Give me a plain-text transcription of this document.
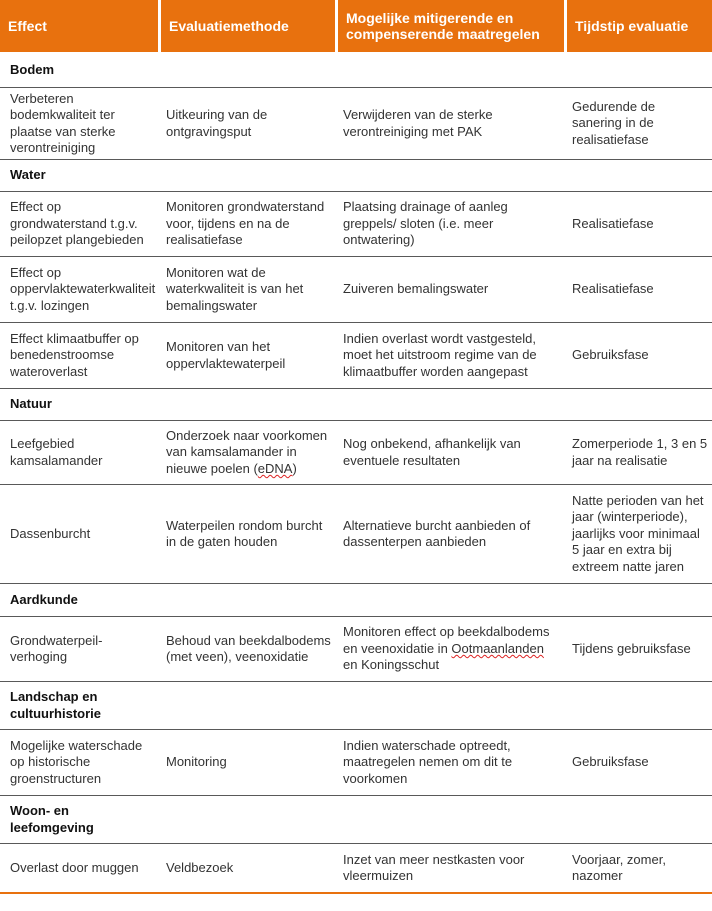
Effect	Evaluatiemethode	Mogelijke mitigerende en compenserende maatregelen	Tijdstip evaluatie
Bodem			
Verbeteren bodemkwaliteit ter plaatse van sterke verontreiniging	Uitkeuring van de ontgravingsput	Verwijderen van de sterke verontreiniging met PAK	Gedurende de sanering in de realisatiefase
Water			
Effect op grondwaterstand t.g.v. peilopzet plangebieden	Monitoren grondwaterstand voor, tijdens en na de realisatiefase	Plaatsing drainage of aanleg greppels/ sloten (i.e. meer ontwatering)	Realisatiefase
Effect op oppervlaktewaterkwaliteit t.g.v. lozingen	Monitoren wat de waterkwaliteit is van het bemalingswater	Zuiveren bemalingswater	Realisatiefase
Effect klimaatbuffer op benedenstroomse wateroverlast	Monitoren van het oppervlaktewaterpeil	Indien overlast wordt vastgesteld, moet het uitstroom regime van de klimaatbuffer worden aangepast	Gebruiksfase
Natuur			
Leefgebied kamsalamander	Onderzoek naar voorkomen van kamsalamander in nieuwe poelen (eDNA)	Nog onbekend, afhankelijk van eventuele resultaten	Zomerperiode 1, 3 en 5 jaar na realisatie
Dassenburcht	Waterpeilen rondom burcht in de gaten houden	Alternatieve burcht aanbieden of dassenterpen aanbieden	Natte perioden van het jaar (winterperiode), jaarlijks voor minimaal 5 jaar en extra bij extreem natte jaren
Aardkunde			
Grondwaterpeil-verhoging	Behoud van beekdalbodems (met veen), veenoxidatie	Monitoren effect op beekdalbodems en veenoxidatie in Ootmaanlanden en Koningsschut	Tijdens gebruiksfase

Landschap en cultuurhistorie			

Mogelijke waterschade op historische groenstructuren	Monitoring	Indien waterschade optreedt, maatregelen nemen om dit te voorkomen	Gebruiksfase

Woon- en leefomgeving			

Overlast door muggen	Veldbezoek	Inzet van meer nestkasten voor vleermuizen	Voorjaar, zomer, nazomer
